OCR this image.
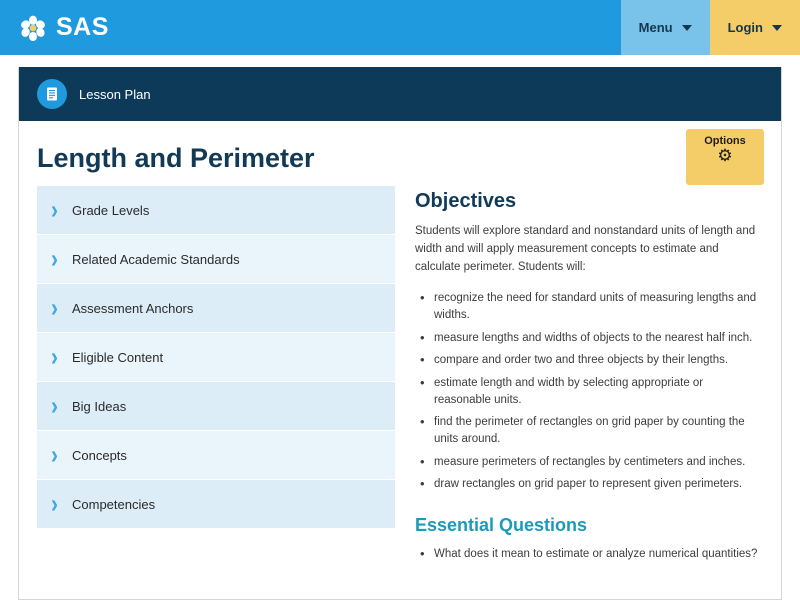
SAS	Menu	Login
Lesson Plan
Length and Perimeter
Options
⚙
› Grade Levels
› Related Academic Standards
› Assessment Anchors
› Eligible Content
› Big Ideas
› Concepts
› Competencies
Objectives

Students will explore standard and nonstandard units of length and width and will apply measurement concepts to estimate and calculate perimeter. Students will:

• recognize the need for standard units of measuring lengths and widths.
• measure lengths and widths of objects to the nearest half inch.
• compare and order two and three objects by their lengths.
• estimate length and width by selecting appropriate or reasonable units.
• find the perimeter of rectangles on grid paper by counting the units around.
• measure perimeters of rectangles by centimeters and inches.
• draw rectangles on grid paper to represent given perimeters.
Essential Questions
• What does it mean to estimate or analyze numerical quantities?
